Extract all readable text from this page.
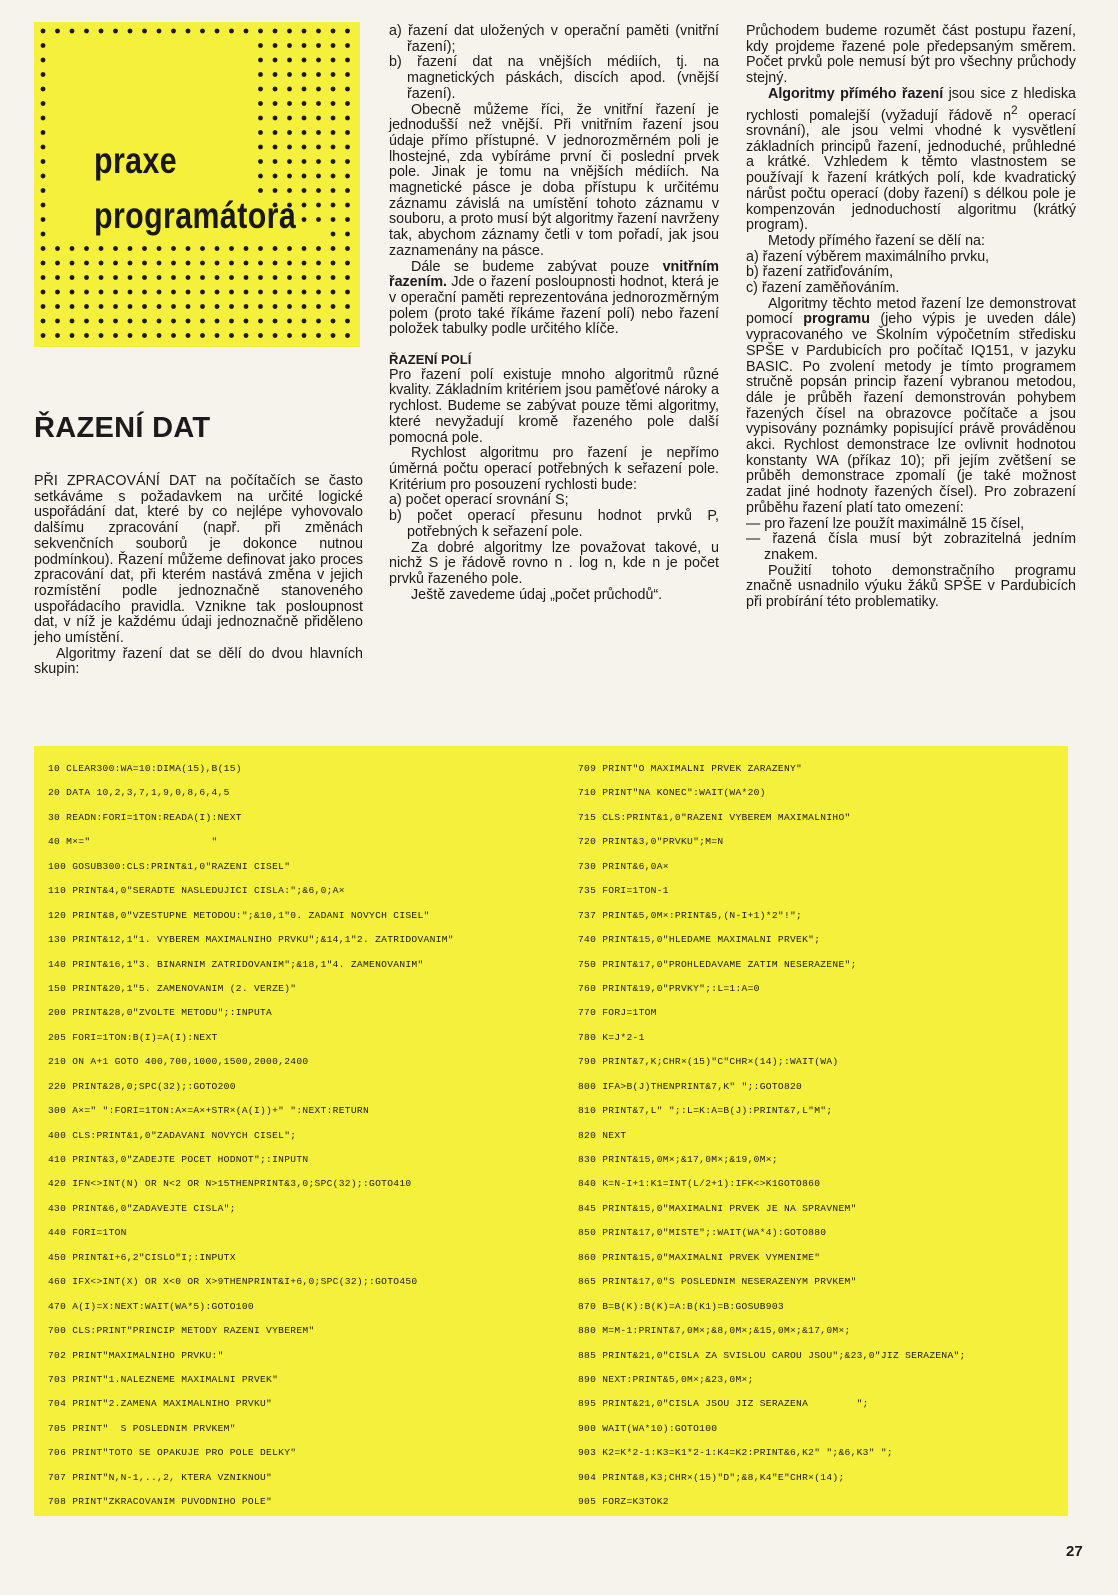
praxe
programátora
ŘAZENÍ DAT

PŘI ZPRACOVÁNÍ DAT na počítačích se často setkáváme s požadavkem na určité logické uspořádání dat, které by co nejlépe vyhovovalo dalšímu zpracování (např. při změnách sekvenčních souborů je dokonce nutnou podmínkou). Řazení můžeme definovat jako proces zpracování dat, při kterém nastává změna v jejich rozmístění podle jednoznačně stanoveného uspořádacího pravidla. Vznikne tak posloupnost dat, v níž je každému údaji jednoznačně přiděleno jeho umístění.

Algoritmy řazení dat se dělí do dvou hlavních skupin:

a) řazení dat uložených v operační paměti (vnitřní řazení);

b) řazení dat na vnějších médiích, tj. na magnetických páskách, discích apod. (vnější řazení).

Obecně můžeme říci, že vnitřní řazení je jednodušší než vnější. Při vnitřním řazení jsou údaje přímo přístupné. V jednorozměrném poli je lhostejné, zda vybíráme první či poslední prvek pole. Jinak je tomu na vnějších médiích. Na magnetické pásce je doba přístupu k určitému záznamu závislá na umístění tohoto záznamu v souboru, a proto musí být algoritmy řazení navrženy tak, abychom záznamy četli v tom pořadí, jak jsou zaznamenány na pásce.

Dále se budeme zabývat pouze vnitřním řazením. Jde o řazení posloupnosti hodnot, která je v operační paměti reprezentována jednorozměrným polem (proto také říkáme řazení polí) nebo řazení položek tabulky podle určitého klíče.

ŘAZENÍ POLÍ

Pro řazení polí existuje mnoho algoritmů různé kvality. Základním kritériem jsou paměťové nároky a rychlost. Budeme se zabývat pouze těmi algoritmy, které nevyžadují kromě řazeného pole další pomocná pole.

Rychlost algoritmu pro řazení je nepřímo úměrná počtu operací potřebných k seřazení pole. Kritérium pro posouzení rychlosti bude:

a) počet operací srovnání S;

b) počet operací přesunu hodnot prvků P, potřebných k seřazení pole.

Za dobré algoritmy lze považovat takové, u nichž S je řádově rovno n . log n, kde n je počet prvků řazeného pole.

Ještě zavedeme údaj „počet průchodů“.

Průchodem budeme rozumět část postupu řazení, kdy projdeme řazené pole předepsaným směrem. Počet prvků pole nemusí být pro všechny průchody stejný.

Algoritmy přímého řazení jsou sice z hlediska rychlosti pomalejší (vyžadují řádově $n^2$ operací srovnání), ale jsou velmi vhodné k vysvětlení základních principů řazení, jednoduché, průhledné a krátké. Vzhledem k těmto vlastnostem se používají k řazení krátkých polí, kde kvadratický nárůst počtu operací (doby řazení) s délkou pole je kompenzován jednoduchostí algoritmu (krátký program).

Metody přímého řazení se dělí na:

a) řazení výběrem maximálního prvku,

b) řazení zatřiďováním,

c) řazení zaměňováním.

Algoritmy těchto metod řazení lze demonstrovat pomocí programu (jeho výpis je uveden dále) vypracovaného ve Školním výpočetním středisku SPŠE v Pardubicích pro počítač IQ151, v jazyku BASIC. Po zvolení metody je tímto programem stručně popsán princip řazení vybranou metodou, dále je průběh řazení demonstrován pohybem řazených čísel na obrazovce počítače a jsou vypisovány poznámky popisující právě prováděnou akci. Rychlost demonstrace lze ovlivnit hodnotou konstanty WA (příkaz 10); při jejím zvětšení se průběh demonstrace zpomalí (je také možnost zadat jiné hodnoty řazených čísel). Pro zobrazení průběhu řazení platí tato omezení:

— pro řazení lze použít maximálně 15 čísel,

— řazená čísla musí být zobrazitelná jedním znakem.

Použití tohoto demonstračního programu značně usnadnilo výuku žáků SPŠE v Pardubicích při probírání této problematiky.

10 CLEAR300:WA=10:DIMA(15),B(15)
20 DATA 10,2,3,7,1,9,0,8,6,4,5
30 READN:FORI=1TON:READA(I):NEXT
40 M×="                    "
100 GOSUB300:CLS:PRINT&1,0"RAZENI CISEL"
110 PRINT&4,0"SERADTE NASLEDUJICI CISLA:";&6,0;A×
120 PRINT&8,0"VZESTUPNE METODOU:";&10,1"0. ZADANI NOVYCH CISEL"
130 PRINT&12,1"1. VYBEREM MAXIMALNIHO PRVKU";&14,1"2. ZATRIDOVANIM"
140 PRINT&16,1"3. BINARNIM ZATRIDOVANIM";&18,1"4. ZAMENOVANIM"
150 PRINT&20,1"5. ZAMENOVANIM (2. VERZE)"
200 PRINT&28,0"ZVOLTE METODU";:INPUTA
205 FORI=1TON:B(I)=A(I):NEXT
210 ON A+1 GOTO 400,700,1000,1500,2000,2400
220 PRINT&28,0;SPC(32);:GOTO200
300 A×=" ":FORI=1TON:A×=A×+STR×(A(I))+" ":NEXT:RETURN
400 CLS:PRINT&1,0"ZADAVANI NOVYCH CISEL";
410 PRINT&3,0"ZADEJTE POCET HODNOT";:INPUTN
420 IFN<>INT(N) OR N<2 OR N>15THENPRINT&3,0;SPC(32);:GOTO410
430 PRINT&6,0"ZADAVEJTE CISLA";
440 FORI=1TON
450 PRINT&I+6,2"CISLO"I;:INPUTX
460 IFX<>INT(X) OR X<0 OR X>9THENPRINT&I+6,0;SPC(32);:GOTO450
470 A(I)=X:NEXT:WAIT(WA*5):GOTO100
700 CLS:PRINT"PRINCIP METODY RAZENI VYBEREM"
702 PRINT"MAXIMALNIHO PRVKU:"
703 PRINT"1.NALEZNEME MAXIMALNI PRVEK"
704 PRINT"2.ZAMENA MAXIMALNIHO PRVKU"
705 PRINT"  S POSLEDNIM PRVKEM"
706 PRINT"TOTO SE OPAKUJE PRO POLE DELKY"
707 PRINT"N,N-1,..,2, KTERA VZNIKNOU"
708 PRINT"ZKRACOVANIM PUVODNIHO POLE"
709 PRINT"O MAXIMALNI PRVEK ZARAZENY"
710 PRINT"NA KONEC":WAIT(WA*20)
715 CLS:PRINT&1,0"RAZENI VYBEREM MAXIMALNIHO"
720 PRINT&3,0"PRVKU";M=N
730 PRINT&6,0A×
735 FORI=1TON-1
737 PRINT&5,0M×:PRINT&5,(N-I+1)*2"!";
740 PRINT&15,0"HLEDAME MAXIMALNI PRVEK";
750 PRINT&17,0"PROHLEDAVAME ZATIM NESERAZENE";
760 PRINT&19,0"PRVKY";:L=1:A=0
770 FORJ=1TOM
780 K=J*2-1
790 PRINT&7,K;CHR×(15)"C"CHR×(14);:WAIT(WA)
800 IFA>B(J)THENPRINT&7,K" ";:GOTO820
810 PRINT&7,L" ";:L=K:A=B(J):PRINT&7,L"M";
820 NEXT
830 PRINT&15,0M×;&17,0M×;&19,0M×;
840 K=N-I+1:K1=INT(L/2+1):IFK<>K1GOTO860
845 PRINT&15,0"MAXIMALNI PRVEK JE NA SPRAVNEM"
850 PRINT&17,0"MISTE";:WAIT(WA*4):GOTO880
860 PRINT&15,0"MAXIMALNI PRVEK VYMENIME"
865 PRINT&17,0"S POSLEDNIM NESERAZENYM PRVKEM"
870 B=B(K):B(K)=A:B(K1)=B:GOSUB903
880 M=M-1:PRINT&7,0M×;&8,0M×;&15,0M×;&17,0M×;
885 PRINT&21,0"CISLA ZA SVISLOU CAROU JSOU";&23,0"JIZ SERAZENA";
890 NEXT:PRINT&5,0M×;&23,0M×;
895 PRINT&21,0"CISLA JSOU JIZ SERAZENA        ";
900 WAIT(WA*10):GOTO100
903 K2=K*2-1:K3=K1*2-1:K4=K2:PRINT&6,K2" ";&6,K3" ";
904 PRINT&8,K3;CHR×(15)"D";&8,K4"E"CHR×(14);
905 FORZ=K3TOK2
27
